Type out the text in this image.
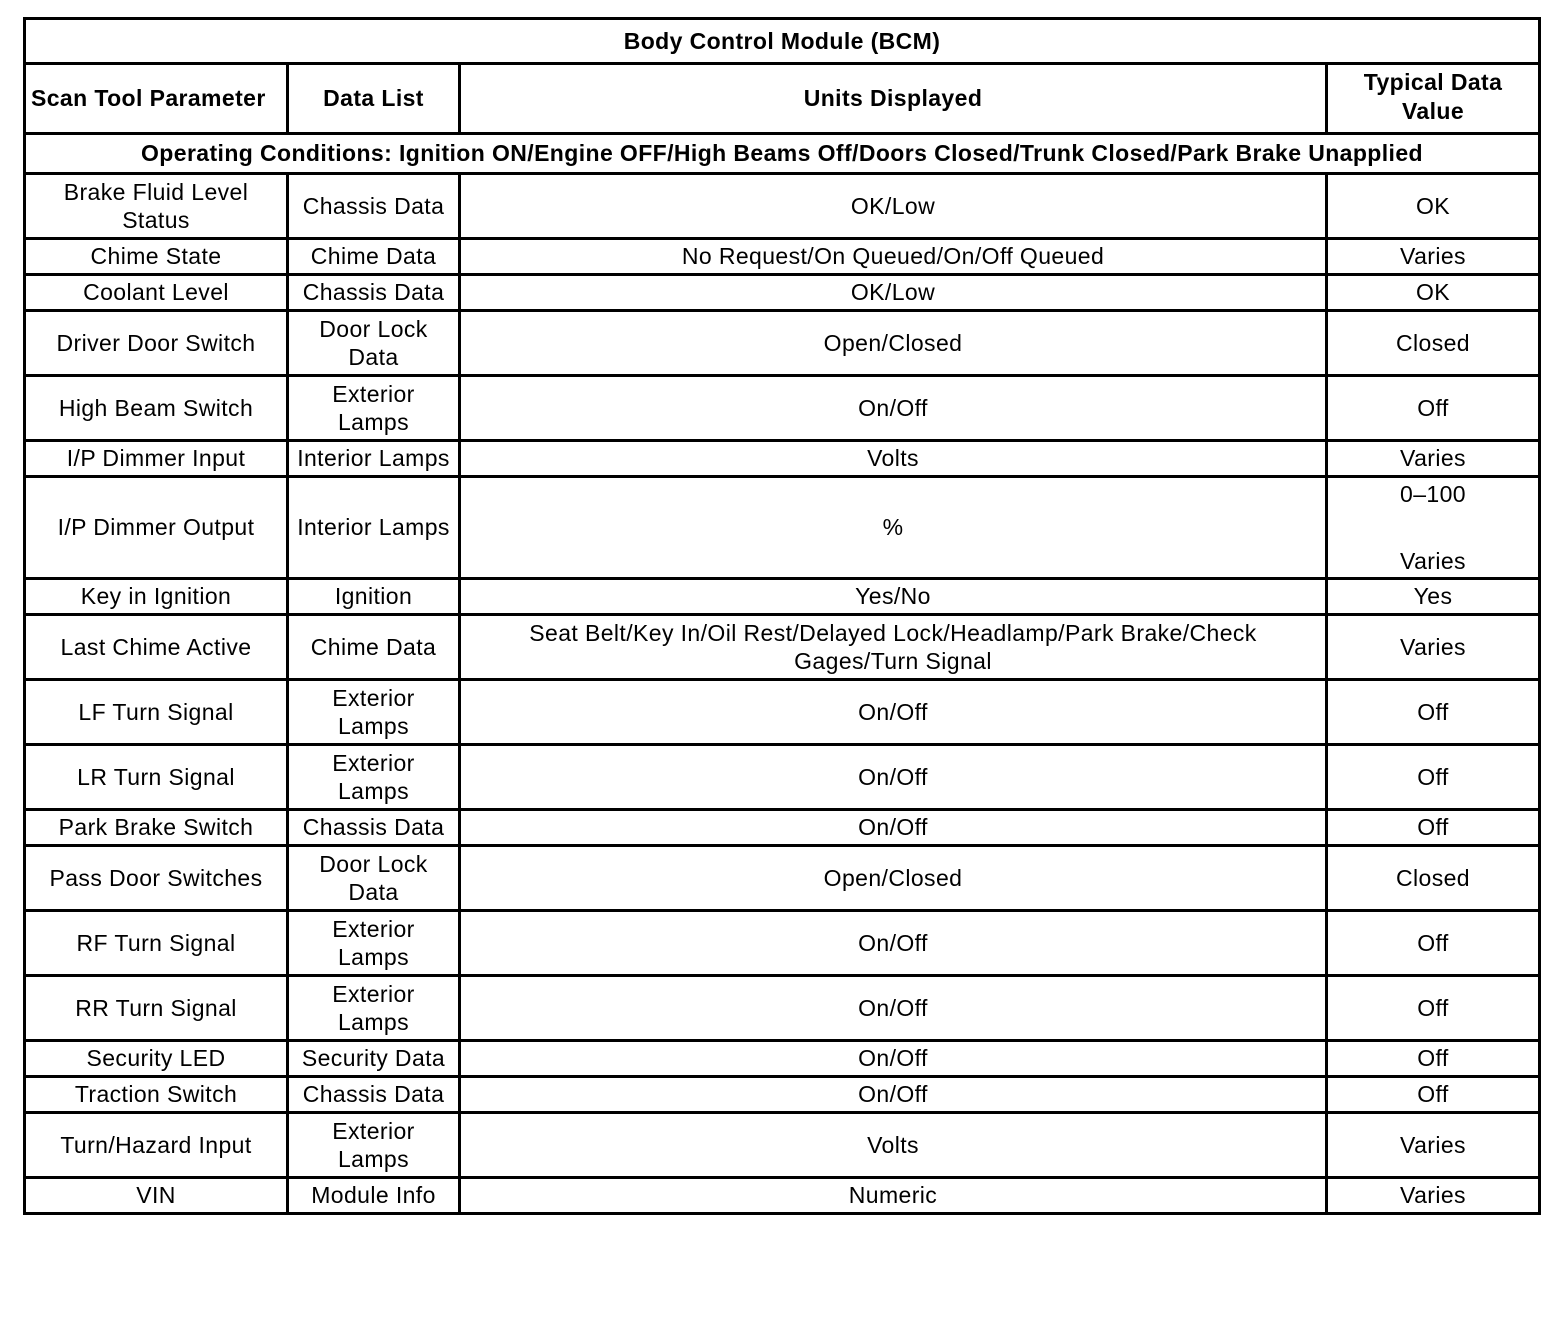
Body Control Module (BCM)			
Scan Tool Parameter	Data List	Units Displayed	Typical Data Value
Operating Conditions: Ignition ON/Engine OFF/High Beams Off/Doors Closed/Trunk Closed/Park Brake Unapplied			
Brake Fluid Level Status	Chassis Data	OK/Low	OK
Chime State	Chime Data	No Request/On Queued/On/Off Queued	Varies
Coolant Level	Chassis Data	OK/Low	OK
Driver Door Switch	Door Lock Data	Open/Closed	Closed
High Beam Switch	Exterior Lamps	On/Off	Off
I/P Dimmer Input	Interior Lamps	Volts	Varies
I/P Dimmer Output	Interior Lamps	%	0–100
Varies

Key in Ignition	Ignition	Yes/No	Yes
Last Chime Active	Chime Data	Seat Belt/Key In/Oil Rest/Delayed Lock/Headlamp/Park Brake/Check Gages/Turn Signal	Varies
LF Turn Signal	Exterior Lamps	On/Off	Off
LR Turn Signal	Exterior Lamps	On/Off	Off
Park Brake Switch	Chassis Data	On/Off	Off
Pass Door Switches	Door Lock Data	Open/Closed	Closed
RF Turn Signal	Exterior Lamps	On/Off	Off
RR Turn Signal	Exterior Lamps	On/Off	Off
Security LED	Security Data	On/Off	Off
Traction Switch	Chassis Data	On/Off	Off
Turn/Hazard Input	Exterior Lamps	Volts	Varies
VIN	Module Info	Numeric	Varies
